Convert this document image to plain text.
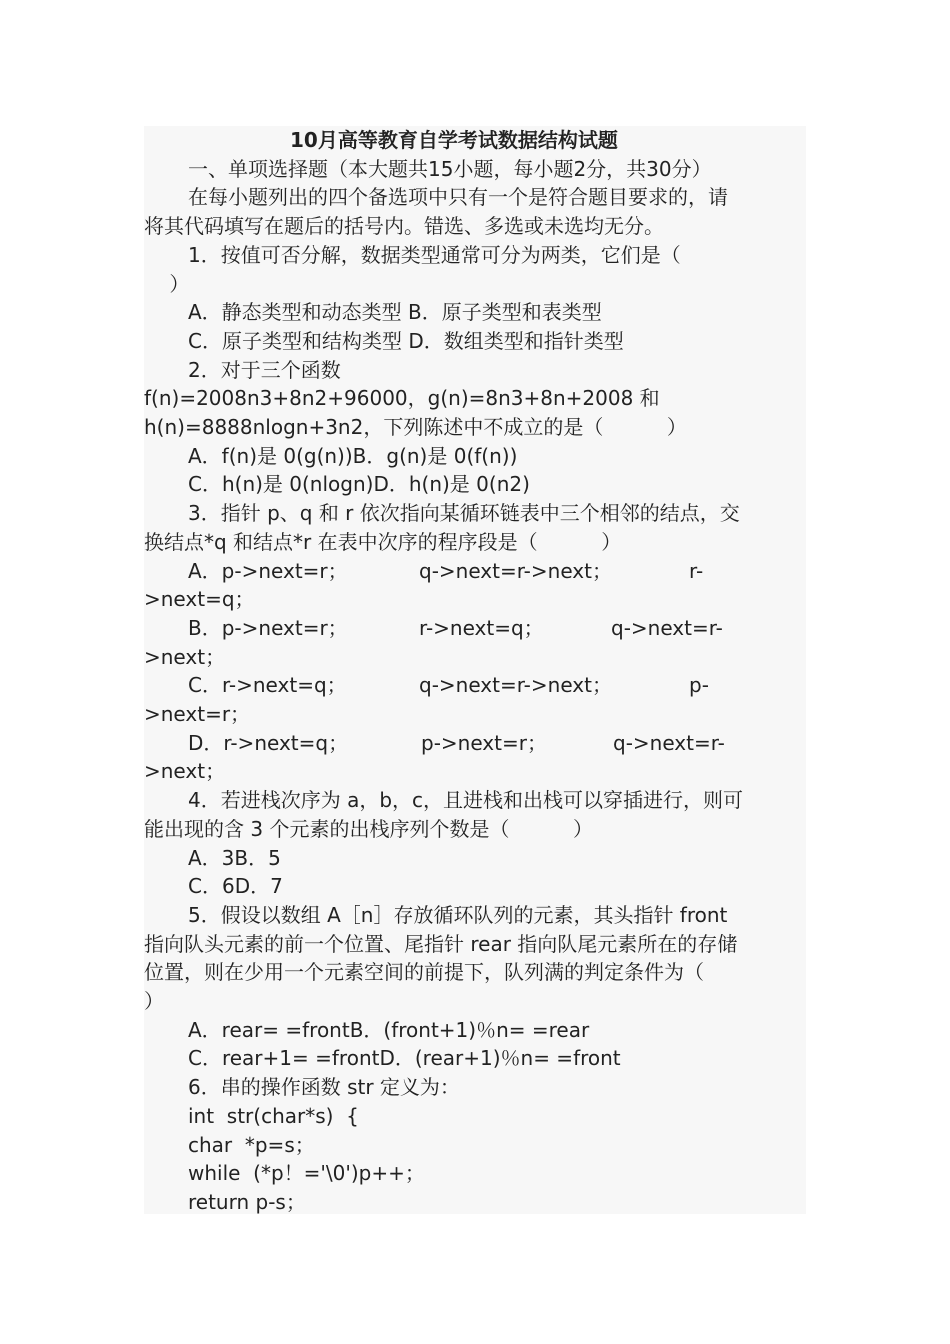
10月高等教育自学考试数据结构试题
一、单项选择题（本大题共15小题，每小题2分，共30分）
在每小题列出的四个备选项中只有一个是符合题目要求的，请
将其代码填写在题后的括号内。错选、多选或未选均无分。
1．按值可否分解，数据类型通常可分为两类，它们是（
）
A．静态类型和动态类型 B．原子类型和表类型
C．原子类型和结构类型 D．数组类型和指针类型
2．对于三个函数
f(n)=2008n3+8n2+96000，g(n)=8n3+8n+2008 和
h(n)=8888nlogn+3n2，下列陈述中不成立的是（          ）
A．f(n)是 0(g(n))B．g(n)是 0(f(n))
C．h(n)是 0(nlogn)D．h(n)是 0(n2)
3．指针 p、q 和 r 依次指向某循环链表中三个相邻的结点，交
换结点*q 和结点*r 在表中次序的程序段是（          ）
A．p->next=r；	q->next=r->next；	r-
>next=q；
B．p->next=r；	r->next=q；	q->next=r-
>next；
C．r->next=q；	q->next=r->next；	p-
>next=r；
D．r->next=q；	p->next=r；	q->next=r-
>next；
4．若进栈次序为 a，b，c，且进栈和出栈可以穿插进行，则可
能出现的含 3 个元素的出栈序列个数是（          ）
A．3B．5
C．6D．7
5．假设以数组 A［n］存放循环队列的元素，其头指针 front
指向队头元素的前一个位置、尾指针 rear 指向队尾元素所在的存储
位置，则在少用一个元素空间的前提下，队列满的判定条件为（
）
A．rear= =frontB．(front+1)％n= =rear
C．rear+1= =frontD．(rear+1)％n= =front
6．串的操作函数 str 定义为：
int  str(char*s)  {
char  *p=s；
while  (*p！='\0')p++；
return p-s；
